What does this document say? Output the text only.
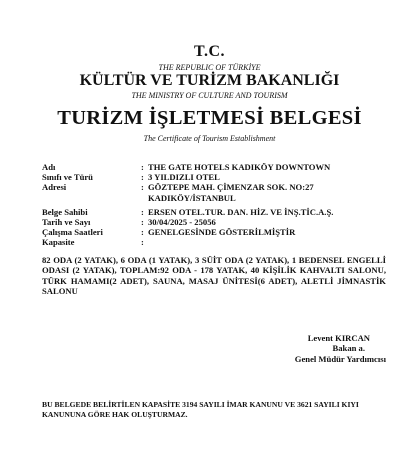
T.C.
THE REPUBLIC OF TÜRKİYE
KÜLTÜR VE TURİZM BAKANLIĞI
THE MINISTRY OF CULTURE AND TOURISM
TURİZM İŞLETMESİ BELGESİ
The Certificate of Tourism Establishment
Adı	: THE GATE HOTELS KADIKÖY DOWNTOWN
Sınıfı ve Türü	: 3 YILDIZLI OTEL
Adresi	: GÖZTEPE MAH. ÇİMENZAR SOK. NO:27
KADIKÖY/İSTANBUL
Belge Sahibi	: ERSEN OTEL.TUR. DAN. HİZ. VE İNŞ.TİC.A.Ş.
Tarih ve Sayı	: 30/04/2025 - 25056
Çalışma Saatleri	: GENELGESİNDE GÖSTERİLMİŞTİR
Kapasite	:
82 ODA (2 YATAK), 6 ODA (1 YATAK), 3 SÜİT ODA (2 YATAK), 1 BEDENSEL ENGELLİ ODASI (2 YATAK), TOPLAM:92 ODA - 178 YATAK, 40 KİŞİLİK KAHVALTI SALONU, TÜRK HAMAMI(2 ADET), SAUNA, MASAJ ÜNİTESİ(6 ADET), ALETLİ JİMNASTİK SALONU
Levent KIRCAN
Bakan a.
Genel Müdür Yardımcısı
BU BELGEDE BELİRTİLEN KAPASİTE 3194 SAYILI İMAR KANUNU VE 3621 SAYILI KIYI KANUNUNA GÖRE HAK OLUŞTURMAZ.
